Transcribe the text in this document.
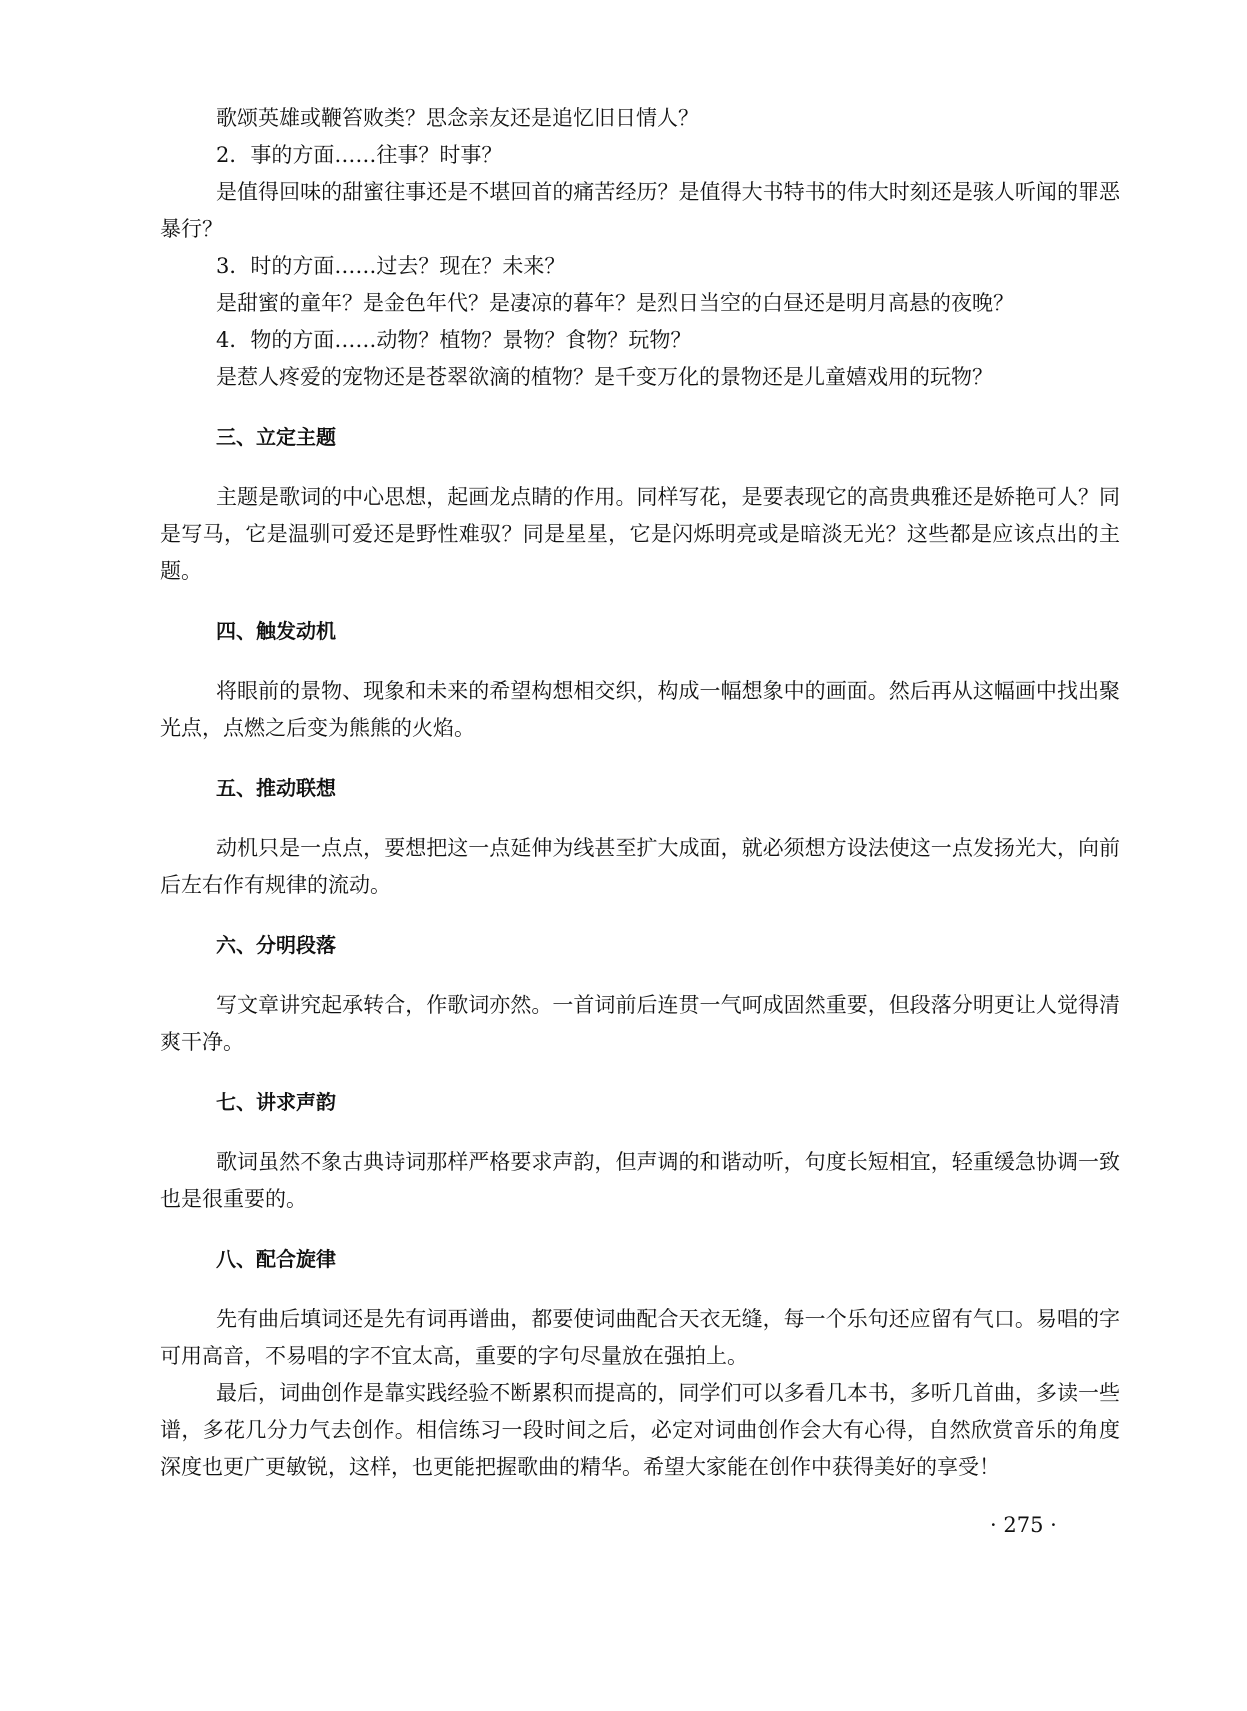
歌颂英雄或鞭笞败类？思念亲友还是追忆旧日情人？
2．事的方面……往事？时事？
是值得回味的甜蜜往事还是不堪回首的痛苦经历？是值得大书特书的伟大时刻还是骇人听闻的罪恶暴行？
3．时的方面……过去？现在？未来？
是甜蜜的童年？是金色年代？是凄凉的暮年？是烈日当空的白昼还是明月高悬的夜晚？
4．物的方面……动物？植物？景物？食物？玩物？
是惹人疼爱的宠物还是苍翠欲滴的植物？是千变万化的景物还是儿童嬉戏用的玩物？
三、立定主题
主题是歌词的中心思想，起画龙点睛的作用。同样写花，是要表现它的高贵典雅还是娇艳可人？同是写马，它是温驯可爱还是野性难驭？同是星星，它是闪烁明亮或是暗淡无光？这些都是应该点出的主题。
四、触发动机
将眼前的景物、现象和未来的希望构想相交织，构成一幅想象中的画面。然后再从这幅画中找出聚光点，点燃之后变为熊熊的火焰。
五、推动联想
动机只是一点点，要想把这一点延伸为线甚至扩大成面，就必须想方设法使这一点发扬光大，向前后左右作有规律的流动。
六、分明段落
写文章讲究起承转合，作歌词亦然。一首词前后连贯一气呵成固然重要，但段落分明更让人觉得清爽干净。
七、讲求声韵
歌词虽然不象古典诗词那样严格要求声韵，但声调的和谐动听，句度长短相宜，轻重缓急协调一致也是很重要的。
八、配合旋律
先有曲后填词还是先有词再谱曲，都要使词曲配合天衣无缝，每一个乐句还应留有气口。易唱的字可用高音，不易唱的字不宜太高，重要的字句尽量放在强拍上。
最后，词曲创作是靠实践经验不断累积而提高的，同学们可以多看几本书，多听几首曲，多读一些谱，多花几分力气去创作。相信练习一段时间之后，必定对词曲创作会大有心得，自然欣赏音乐的角度深度也更广更敏锐，这样，也更能把握歌曲的精华。希望大家能在创作中获得美好的享受！
· 275 ·
